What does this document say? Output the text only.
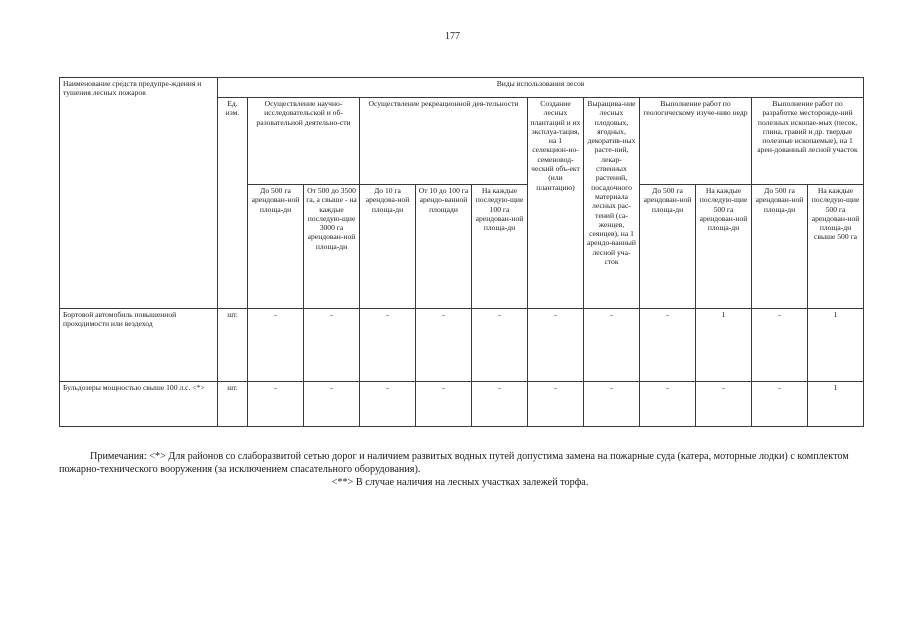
177
Наименование средств предупре-ждения и тушения лесных пожаров	Виды использования лесов											
	Ед. изм.	Осуществление научно-исследовательской и об-разовательной деятельно-сти		Осуществление рекреационной дея-тельности			Создание лесных плантаций и их эксплуа-тация, на 1 селекцион-но-семеновод-ческий объ-ект (или плантацию)	Выращива-ние лесных плодовых, ягодных, декоратив-ных расте-ний, лекар-ственных растений, посадочного материала лесных рас-тений (са-женцев, сеянцев), на 1 арендо-ванный лесной уча-сток	Выполнение работ по геологическому изуче-нию недр		Выполнение работ по разработке месторожде-ний полезных ископае-мых (песок, глина, гравий и др. твердые полезные ископаемые), на 1 арен-дованный лесной участок	
		До 500 га арендован-ной площа-ди	От 500 до 3500 га, а свыше - на каждые последую-щие 3000 га арендован-ной площа-ди	До 10 га арендова-ной площа-ди	От 10 до 100 га арендо-ванной площади	На каждые последую-щие 100 га арендован-ной площа-ди			До 500 га арендован-ной площа-ди	На каждые последую-щие 500 га арендован-ной площа-ди	До 500 га арендован-ной площа-ди	На каждые последую-щие 500 га арендован-ной площа-ди свыше 500 га
Бортовой автомобиль повышенной проходимости или вездеход	шт.	-	-	-	-	-	-	-	-	1	-	1
Бульдозеры мощностью свыше 100 л.с. <*>	шт.	-	-	-	-	-	-	-	-	-	-	1

Примечания: <*> Для районов со слаборазвитой сетью дорог и наличием развитых водных путей допустима замена на пожарные суда (катера, моторные лодки) с комплектом пожарно-технического вооружения (за исключением спасательного оборудования).

<**> В случае наличия на лесных участках залежей торфа.
